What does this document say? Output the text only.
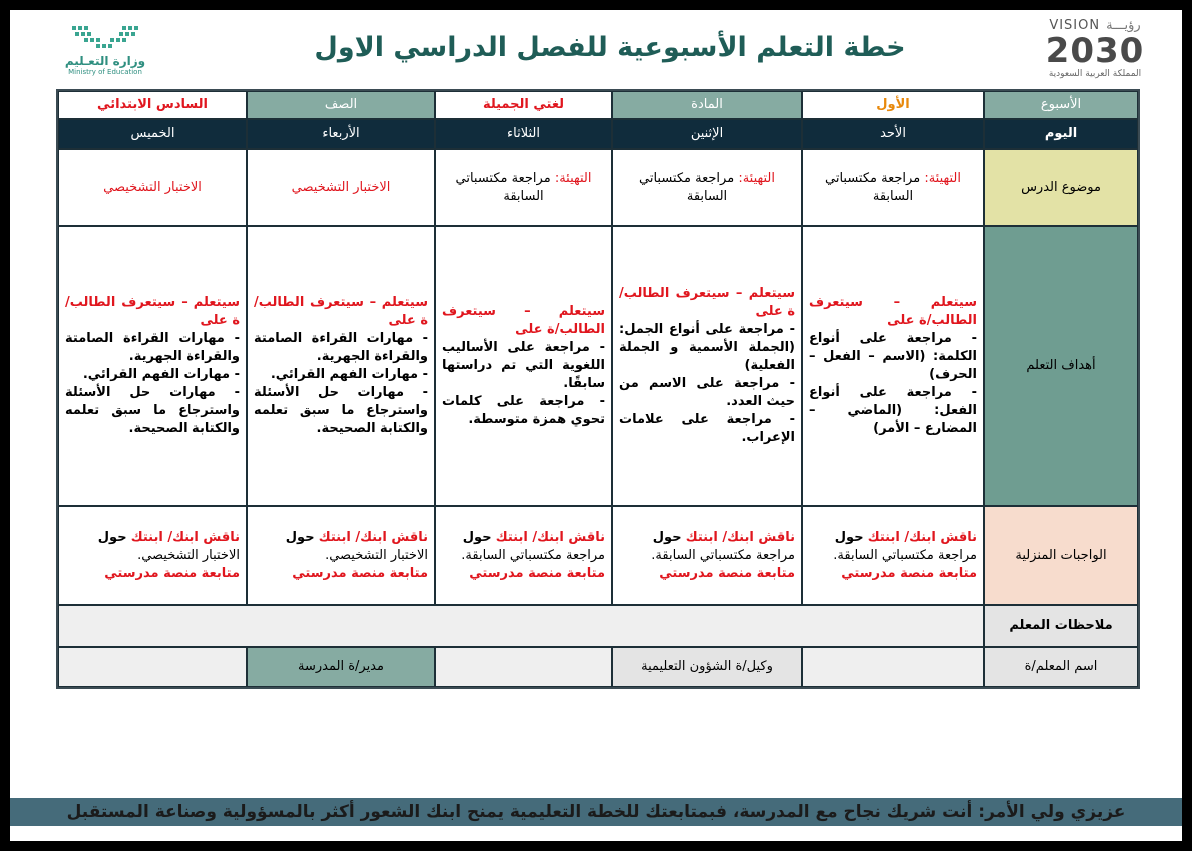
وزارة التعـليم
Ministry of Education
خطة التعلم الأسبوعية للفصل الدراسي الاول
VISION رؤيـــة
2030
المملكة العربية السعودية
الأسبوع
الأول
المادة
لغتي الجميلة
الصف
السادس الابتدائي
اليوم
الأحد
الإثنين
الثلاثاء
الأربعاء
الخميس
موضوع الدرس
التهيئة: مراجعة مكتسباتي السابقة
التهيئة: مراجعة مكتسباتي السابقة
التهيئة: مراجعة مكتسباتي السابقة
الاختبار التشخيصي
الاختبار التشخيصي
أهداف التعلم
سيتعلم – سيتعرف الطالب/ة على
- مراجعة على أنواع الكلمة: (الاسم – الفعل – الحرف)
- مراجعة على أنواع الفعل: (الماضي – المضارع – الأمر)
سيتعلم – سيتعرف الطالب/ة على
- مراجعة على أنواع الجمل: (الجملة الأسمية و الجملة الفعلية)
- مراجعة على الاسم من حيث العدد.
- مراجعة على علامات الإعراب.
سيتعلم – سيتعرف الطالب/ة على
- مراجعة على الأساليب اللغوية التي تم دراستها سابقًا.
- مراجعة على كلمات تحوي همزة متوسطة.
سيتعلم – سيتعرف الطالب/ة على
- مهارات القراءة الصامتة والقراءة الجهرية.
- مهارات الفهم القرائي.
- مهارات حل الأسئلة واسترجاع ما سبق تعلمه والكتابة الصحيحة.
سيتعلم – سيتعرف الطالب/ة على
- مهارات القراءة الصامتة والقراءة الجهرية.
- مهارات الفهم القرائي.
- مهارات حل الأسئلة واسترجاع ما سبق تعلمه والكتابة الصحيحة.
الواجبات المنزلية
ناقش ابنك/ ابنتك حول
مراجعة مكتسباتي السابقة.
متابعة منصة مدرستي
ناقش ابنك/ ابنتك حول
مراجعة مكتسباتي السابقة.
متابعة منصة مدرستي
ناقش ابنك/ ابنتك حول
مراجعة مكتسباتي السابقة.
متابعة منصة مدرستي
ناقش ابنك/ ابنتك حول
الاختبار التشخيصي.
متابعة منصة مدرستي
ناقش ابنك/ ابنتك حول
الاختبار التشخيصي.
متابعة منصة مدرستي
ملاحظات المعلم
اسم المعلم/ة
وكيل/ة الشؤون التعليمية
مدير/ة المدرسة
عزيزي ولي الأمر: أنت شريك نجاح مع المدرسة، فبمتابعتك للخطة التعليمية يمنح ابنك الشعور أكثر بالمسؤولية وصناعة المستقبل
